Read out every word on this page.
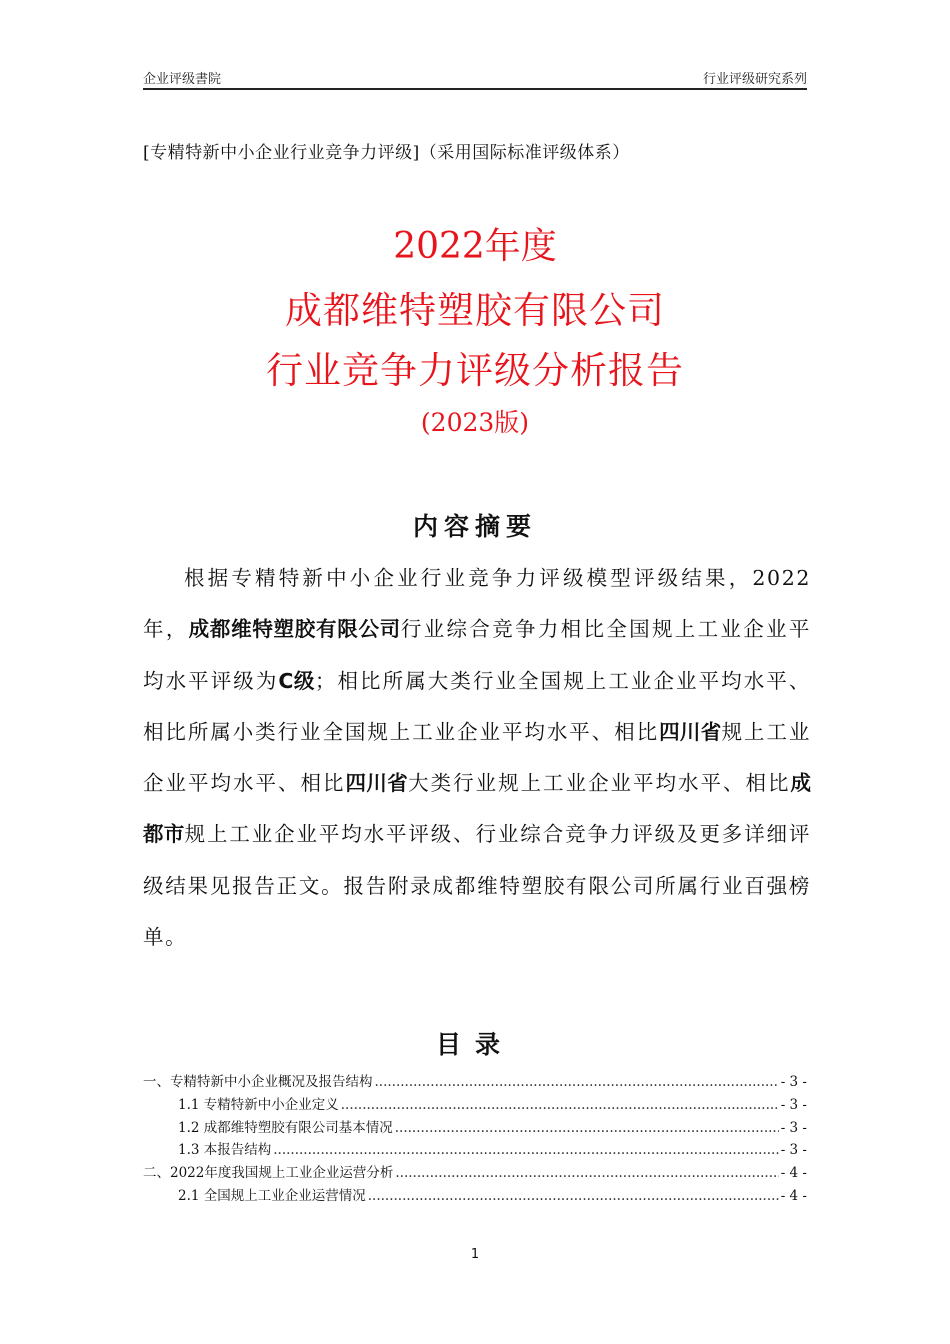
企业评级書院	行业评级研究系列
[专精特新中小企业行业竞争力评级]（采用国际标准评级体系）
2022年度
成都维特塑胶有限公司
行业竞争力评级分析报告
(2023版)
内容摘要

根据专精特新中小企业行业竞争力评级模型评级结果，2022年，成都维特塑胶有限公司行业综合竞争力相比全国规上工业企业平均水平评级为C级；相比所属大类行业全国规上工业企业平均水平、相比所属小类行业全国规上工业企业平均水平、相比四川省规上工业企业平均水平、相比四川省大类行业规上工业企业平均水平、相比成都市规上工业企业平均水平评级、行业综合竞争力评级及更多详细评级结果见报告正文。报告附录成都维特塑胶有限公司所属行业百强榜单。

目录
一、专精特新中小企业概况及报告结构 .....	- 3 -
1.1 专精特新中小企业定义 .....	- 3 -
1.2 成都维特塑胶有限公司基本情况 .....	- 3 -
1.3 本报告结构 .....	- 3 -
二、2022年度我国规上工业企业运营分析 .....	- 4 -
2.1 全国规上工业企业运营情况 .....	- 4 -
1
